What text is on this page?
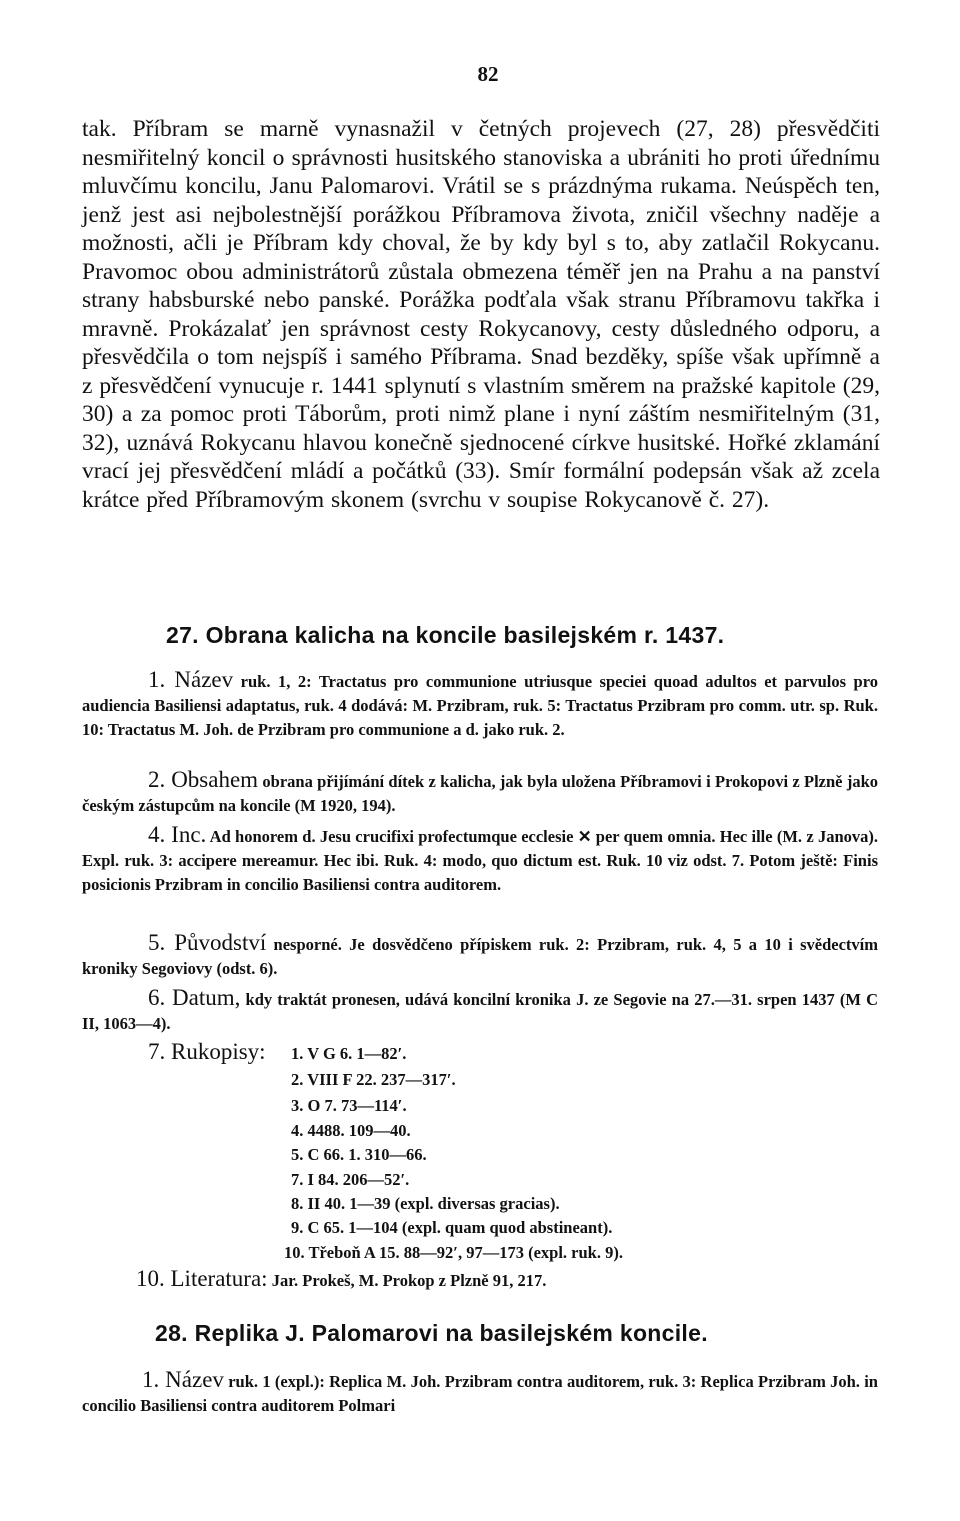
82

tak. Příbram se marně vynasnažil v četných projevech (27, 28) přesvědčiti nesmiřitelný koncil o správnosti husitského stanoviska a ubrániti ho proti úřednímu mluvčímu koncilu, Janu Palomarovi. Vrátil se s prázdnýma rukama. Neúspěch ten, jenž jest asi nejbolestnější porážkou Příbramova života, zničil všechny naděje a možnosti, ačli je Příbram kdy choval, že by kdy byl s to, aby zatlačil Rokycanu. Pravomoc obou administrátorů zůstala obmezena téměř jen na Prahu a na panství strany habsburské nebo panské. Porážka podťala však stranu Příbramovu takřka i mravně. Prokázalať jen správnost cesty Rokycanovy, cesty důsledného odporu, a přesvědčila o tom nejspíš i samého Příbrama. Snad bezděky, spíše však upřímně a z přesvědčení vynucuje r. 1441 splynutí s vlastním směrem na pražské kapitole (29, 30) a za pomoc proti Táborům, proti nimž plane i nyní záštím nesmiřitelným (31, 32), uznává Rokycanu hlavou konečně sjednocené církve husitské. Hořké zklamání vrací jej přesvědčení mládí a počátků (33). Smír formální podepsán však až zcela krátce před Příbramovým skonem (svrchu v soupise Rokycanově č. 27).

27. Obrana kalicha na koncile basilejském r. 1437.

1. Název ruk. 1, 2: Tractatus pro communione utriusque speciei quoad adultos et parvulos pro audiencia Basiliensi adaptatus, ruk. 4 dodává: M. Przibram, ruk. 5: Tractatus Przibram pro comm. utr. sp. Ruk. 10: Tractatus M. Joh. de Przibram pro communione a d. jako ruk. 2.

2. Obsahem obrana přijímání dítek z kalicha, jak byla uložena Příbramovi i Prokopovi z Plzně jako českým zástupcům na koncile (M 1920, 194).

4. Inc. Ad honorem d. Jesu crucifixi profectumque ecclesie ✕ per quem omnia. Hec ille (M. z Janova). Expl. ruk. 3: accipere mereamur. Hec ibi. Ruk. 4: modo, quo dictum est. Ruk. 10 viz odst. 7. Potom ještě: Finis posicionis Przibram in concilio Basiliensi contra auditorem.

5. Původství nesporné. Je dosvědčeno přípiskem ruk. 2: Przibram, ruk. 4, 5 a 10 i svědectvím kroniky Segoviovy (odst. 6).

6. Datum, kdy traktát pronesen, udává koncilní kronika J. ze Segovie na 27.—31. srpen 1437 (M C II, 1063—4).

7. Rukopisy: 1. V G 6. 1—82ʹ.
2. VIII F 22. 237—317ʹ.
3. O 7. 73—114ʹ.
4. 4488. 109—40.
5. C 66. 1. 310—66.
7. I 84. 206—52ʹ.
8. II 40. 1—39 (expl. diversas gracias).
9. C 65. 1—104 (expl. quam quod abstineant).
10. Třeboň A 15. 88—92ʹ, 97—173 (expl. ruk. 9).
10. Literatura: Jar. Prokeš, M. Prokop z Plzně 91, 217.
28. Replika J. Palomarovi na basilejském koncile.

1. Název ruk. 1 (expl.): Replica M. Joh. Przibram contra auditorem, ruk. 3: Replica Przibram Joh. in concilio Basiliensi contra auditorem Polmari
